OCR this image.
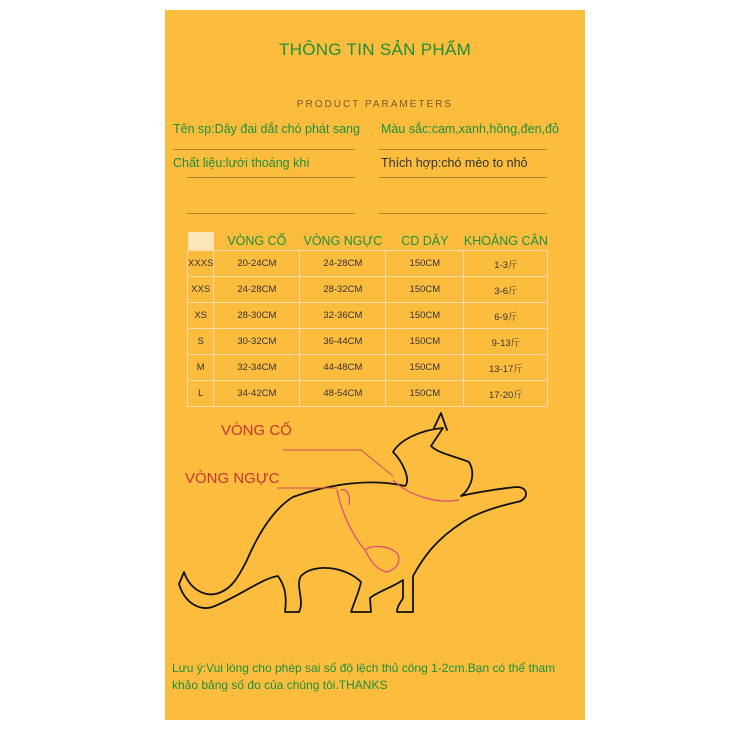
THÔNG TIN SẢN PHẨM
PRODUCT PARAMETERS
Tên sp:Dây đai dắt chó phát sang Màu sắc:cam,xanh,hồng,đen,đỏ
Chất liệu:lưới thoáng khí	Thích hợp:chó mèo to nhỏ
	VÒNG CỔ	VÒNG NGỰC	CD DÂY	KHOẢNG CÂN
XXXS	20-24CM	24-28CM	150CM	1-3斤
XXS	24-28CM	28-32CM	150CM	3-6斤
XS	28-30CM	32-36CM	150CM	6-9斤
S	30-32CM	36-44CM	150CM	9-13斤
M	32-34CM	44-48CM	150CM	13-17斤
L	34-42CM	48-54CM	150CM	17-20斤
VÒNG CỔ
VÒNG NGỰC
Lưu ý:Vui lòng cho phép sai số độ lệch thủ công 1-2cm.Bạn có thể tham khảo bảng số đo của chúng tôi.THANKS
